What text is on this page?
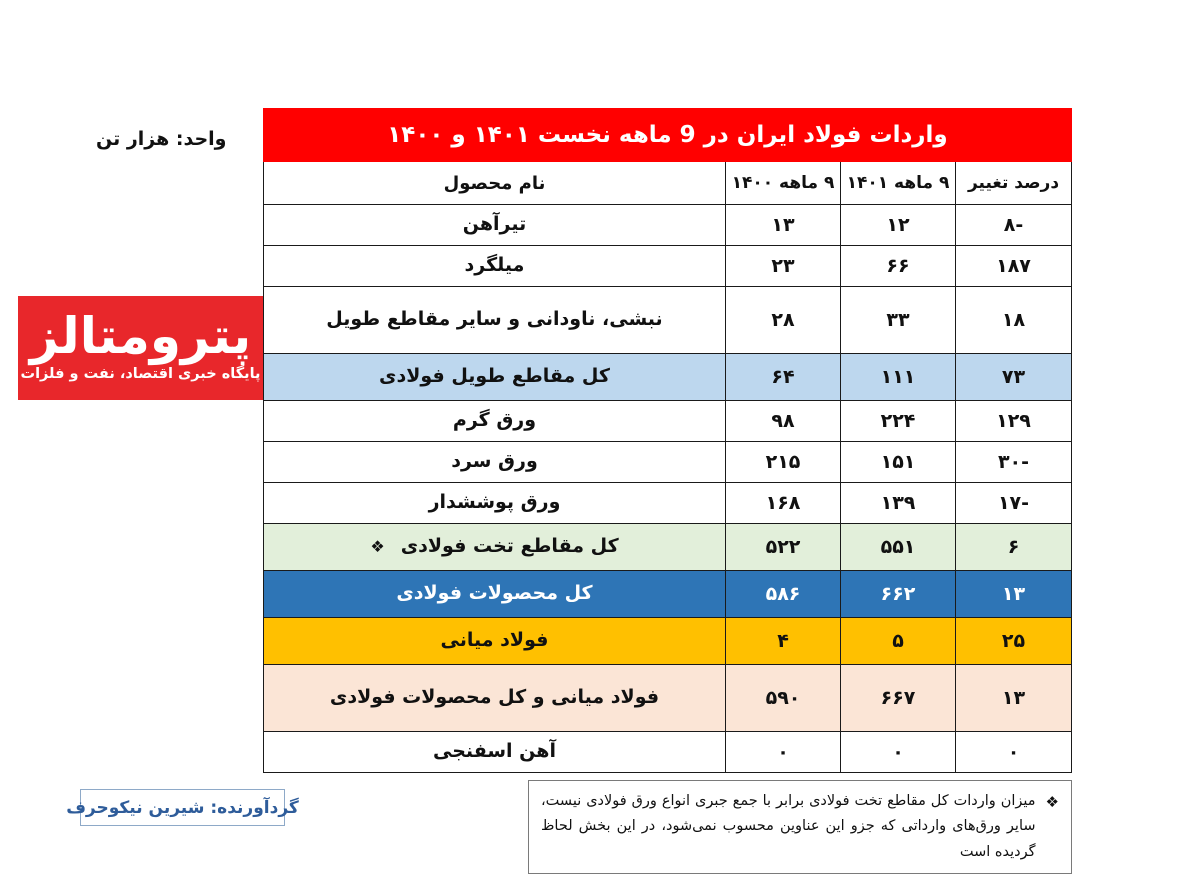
واحد: هزار تن
پترومتالز
پایگاه خبری اقتصاد، نفت و فلزات
واردات فولاد ایران در 9 ماهه نخست ۱۴۰۱ و ۱۴۰۰			
درصد تغییر	۹ ماهه ۱۴۰۱	۹ ماهه ۱۴۰۰	نام محصول
-۸	۱۲	۱۳	تیرآهن
۱۸۷	۶۶	۲۳	میلگرد
۱۸	۳۳	۲۸	نبشی، ناودانی و سایر مقاطع طویل
۷۳	۱۱۱	۶۴	کل مقاطع طویل فولادی
۱۲۹	۲۲۴	۹۸	ورق گرم
-۳۰	۱۵۱	۲۱۵	ورق سرد
-۱۷	۱۳۹	۱۶۸	ورق پوششدار
۶	۵۵۱	۵۲۲	کل مقاطع تخت فولادی
❖

۱۳	۶۶۲	۵۸۶	کل محصولات فولادی
۲۵	۵	۴	فولاد میانی
۱۳	۶۶۷	۵۹۰	فولاد میانی و کل محصولات فولادی
۰	۰	۰	آهن اسفنجی
❖
میزان واردات کل مقاطع تخت فولادی برابر با جمع جبری انواع ورق فولادی نیست، سایر ورق‌های وارداتی که جزو این عناوین محسوب نمی‌شود، در این بخش لحاظ گردیده است
گردآورنده: شیرین نیکوحرف
